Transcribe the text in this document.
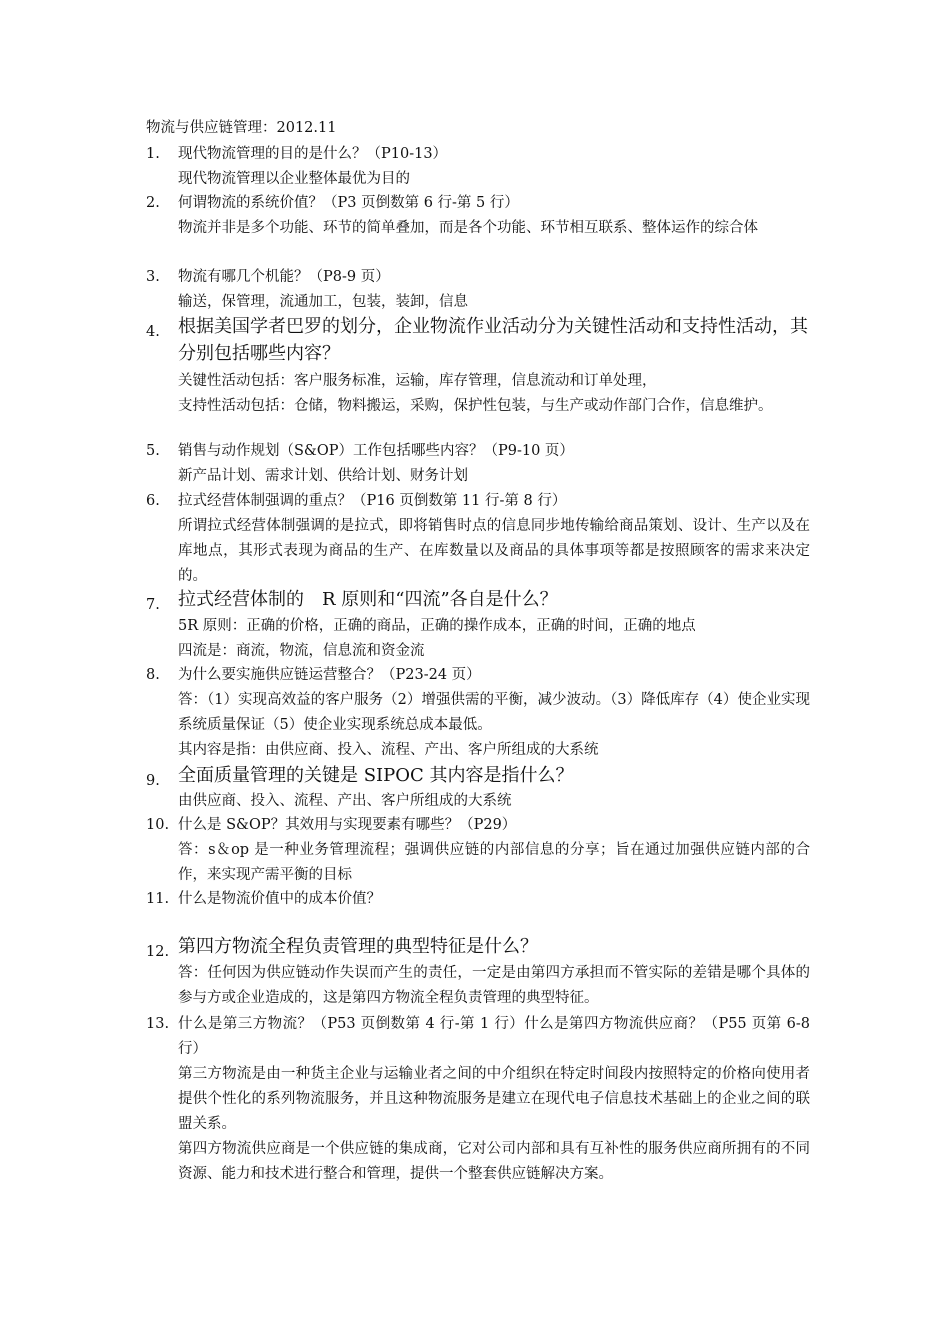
物流与供应链管理：2012.11
1.	现代物流管理的目的是什么？（P10-13）
现代物流管理以企业整体最优为目的
2.	何谓物流的系统价值？（P3 页倒数第 6 行-第 5 行）
物流并非是多个功能、环节的简单叠加，而是各个功能、环节相互联系、整体运作的综合体
3.	物流有哪几个机能？（P8-9 页）
输送，保管理，流通加工，包装，装卸，信息
4.	根据美国学者巴罗的划分，企业物流作业活动分为关键性活动和支持性活动，其分别包括哪些内容？
关键性活动包括：客户服务标准，运输，库存管理，信息流动和订单处理，
支持性活动包括：仓储，物料搬运，采购，保护性包装，与生产或动作部门合作，信息维护。
5.	销售与动作规划（S&OP）工作包括哪些内容？（P9-10 页）
新产品计划、需求计划、供给计划、财务计划
6.	拉式经营体制强调的重点？（P16 页倒数第 11 行-第 8 行）
所谓拉式经营体制强调的是拉式，即将销售时点的信息同步地传输给商品策划、设计、生产以及在库地点，其形式表现为商品的生产、在库数量以及商品的具体事项等都是按照顾客的需求来决定的。
7.	拉式经营体制的　R 原则和“四流”各自是什么？
5R 原则：正确的价格，正确的商品，正确的操作成本，正确的时间，正确的地点
四流是：商流，物流，信息流和资金流
8.	为什么要实施供应链运营整合？（P23-24 页）
答：（1）实现高效益的客户服务（2）增强供需的平衡，减少波动。（3）降低库存（4）使企业实现系统质量保证（5）使企业实现系统总成本最低。
其内容是指：由供应商、投入、流程、产出、客户所组成的大系统
9.	全面质量管理的关键是 SIPOC 其内容是指什么？
由供应商、投入、流程、产出、客户所组成的大系统
10. 什么是 S&OP？其效用与实现要素有哪些？（P29）
答：s＆op 是一种业务管理流程；强调供应链的内部信息的分享；旨在通过加强供应链内部的合作，来实现产需平衡的目标
11. 什么是物流价值中的成本价值？
12. 第四方物流全程负责管理的典型特征是什么？
答：任何因为供应链动作失误而产生的责任，一定是由第四方承担而不管实际的差错是哪个具体的参与方或企业造成的，这是第四方物流全程负责管理的典型特征。
13. 什么是第三方物流？（P53 页倒数第 4 行-第 1 行）什么是第四方物流供应商？（P55 页第 6-8 行）
第三方物流是由一种货主企业与运输业者之间的中介组织在特定时间段内按照特定的价格向使用者提供个性化的系列物流服务，并且这种物流服务是建立在现代电子信息技术基础上的企业之间的联盟关系。
第四方物流供应商是一个供应链的集成商，它对公司内部和具有互补性的服务供应商所拥有的不同资源、能力和技术进行整合和管理，提供一个整套供应链解决方案。
